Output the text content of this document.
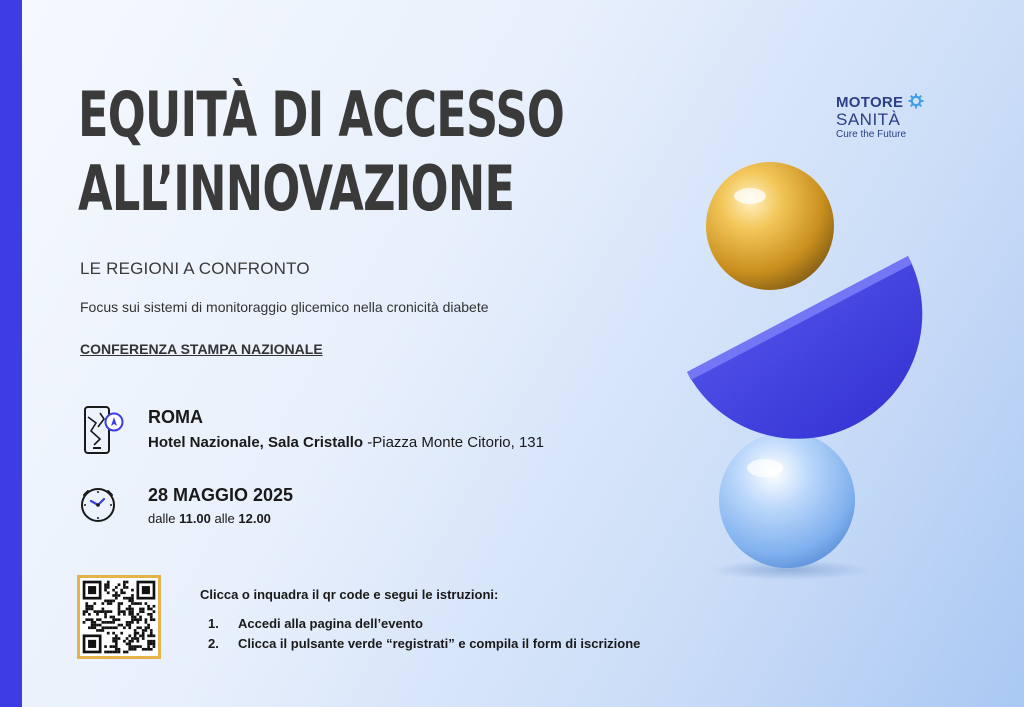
EQUITÀ DI ACCESSO
ALL’INNOVAZIONE
LE REGIONI A CONFRONTO
Focus sui sistemi di monitoraggio glicemico nella cronicità diabete
CONFERENZA STAMPA NAZIONALE
ROMA
Hotel Nazionale, Sala Cristallo -Piazza Monte Citorio, 131
28 MAGGIO 2025
dalle 11.00 alle 12.00
Clicca o inquadra il qr code e segui le istruzioni:
1. Accedi alla pagina dell’evento
2. Clicca il pulsante verde “registrati” e compila il form di iscrizione
MOTORE
SANITÀ
Cure the Future
